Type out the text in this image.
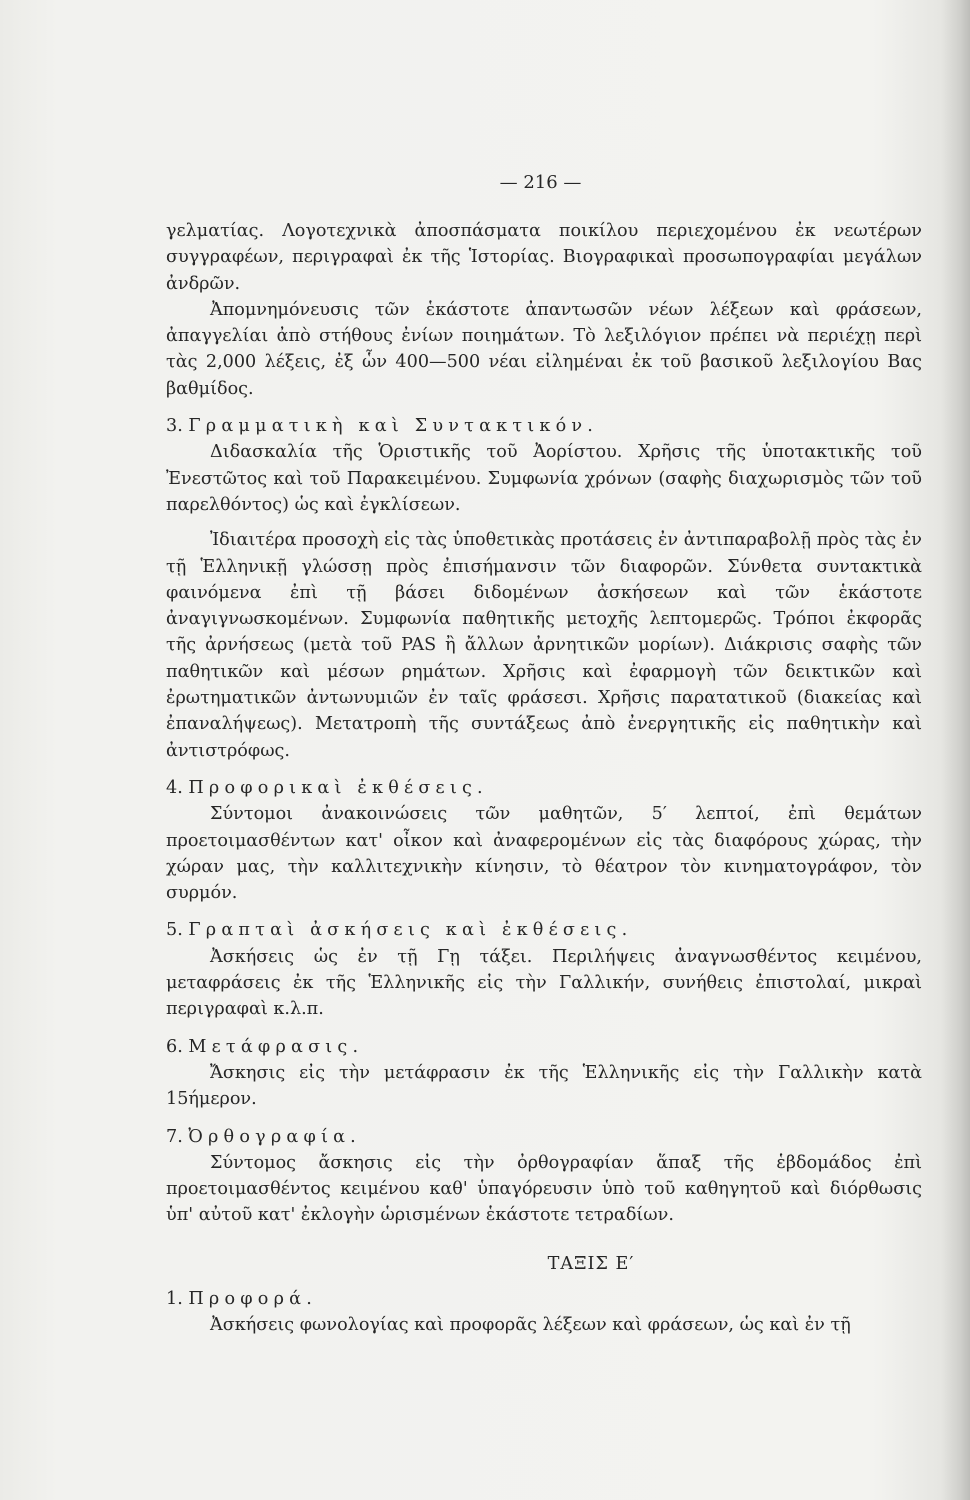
— 216 —

γελματίας. Λογοτεχνικὰ ἀποσπάσματα ποικίλου περιεχομένου ἐκ νεωτέρων συγγραφέων, περιγραφαὶ ἐκ τῆς Ἱστορίας. Βιογραφικαὶ προσωπογραφίαι μεγάλων ἀνδρῶν.

Ἀπομνημόνευσις τῶν ἑκάστοτε ἀπαντωσῶν νέων λέξεων καὶ φράσεων, ἀπαγγελίαι ἀπὸ στήθους ἐνίων ποιημάτων. Τὸ λεξιλόγιον πρέπει νὰ περιέχῃ περὶ τὰς 2,000 λέξεις, ἐξ ὧν 400—500 νέαι εἰλημέναι ἐκ τοῦ βασικοῦ λεξιλογίου Βας βαθμίδος.

3. Γραμματικὴ καὶ Συντακτικόν.

Διδασκαλία τῆς Ὁριστικῆς τοῦ Ἀορίστου. Χρῆσις τῆς ὑποτακτικῆς τοῦ Ἐνεστῶτος καὶ τοῦ Παρακειμένου. Συμφωνία χρόνων (σαφὴς διαχωρισμὸς τῶν τοῦ παρελθόντος) ὡς καὶ ἐγκλίσεων.

Ἰδιαιτέρα προσοχὴ εἰς τὰς ὑποθετικὰς προτάσεις ἐν ἀντιπαραβολῇ πρὸς τὰς ἐν τῇ Ἑλληνικῇ γλώσσῃ πρὸς ἐπισήμανσιν τῶν διαφορῶν. Σύνθετα συντακτικὰ φαινόμενα ἐπὶ τῇ βάσει διδομένων ἀσκήσεων καὶ τῶν ἑκάστοτε ἀναγιγνωσκομένων. Συμφωνία παθητικῆς μετοχῆς λεπτομερῶς. Τρόποι ἐκφορᾶς τῆς ἀρνήσεως (μετὰ τοῦ PAS ἢ ἄλλων ἀρνητικῶν μορίων). Διάκρισις σαφὴς τῶν παθητικῶν καὶ μέσων ρημάτων. Χρῆσις καὶ ἐφαρμογὴ τῶν δεικτικῶν καὶ ἐρωτηματικῶν ἀντωνυμιῶν ἐν ταῖς φράσεσι. Χρῆσις παρατατικοῦ (διακείας καὶ ἐπαναλήψεως). Μετατροπὴ τῆς συντάξεως ἀπὸ ἐνεργητικῆς εἰς παθητικὴν καὶ ἀντιστρόφως.

4. Προφορικαὶ ἐκθέσεις.

Σύντομοι ἀνακοινώσεις τῶν μαθητῶν, 5′ λεπτοί, ἐπὶ θεμάτων προετοιμασθέντων κατ' οἶκον καὶ ἀναφερομένων εἰς τὰς διαφόρους χώρας, τὴν χώραν μας, τὴν καλλιτεχνικὴν κίνησιν, τὸ θέατρον τὸν κινηματογράφον, τὸν συρμόν.

5. Γραπταὶ ἀσκήσεις καὶ ἐκθέσεις.

Ἀσκήσεις ὡς ἐν τῇ Γῃ τάξει. Περιλήψεις ἀναγνωσθέντος κειμένου, μεταφράσεις ἐκ τῆς Ἑλληνικῆς εἰς τὴν Γαλλικήν, συνήθεις ἐπιστολαί, μικραὶ περιγραφαὶ κ.λ.π.

6. Μετάφρασις.

Ἄσκησις εἰς τὴν μετάφρασιν ἐκ τῆς Ἑλληνικῆς εἰς τὴν Γαλλικὴν κατὰ 15ήμερον.

7. Ὀρθογραφία.

Σύντομος ἄσκησις εἰς τὴν ὀρθογραφίαν ἅπαξ τῆς ἑβδομάδος ἐπὶ προετοιμασθέντος κειμένου καθ' ὑπαγόρευσιν ὑπὸ τοῦ καθηγητοῦ καὶ διόρθωσις ὑπ' αὐτοῦ κατ' ἐκλογὴν ὡρισμένων ἑκάστοτε τετραδίων.

ΤΑΞΙΣ Ε′
1. Προφορά.

Ἀσκήσεις φωνολογίας καὶ προφορᾶς λέξεων καὶ φράσεων, ὡς καὶ ἐν τῇ
